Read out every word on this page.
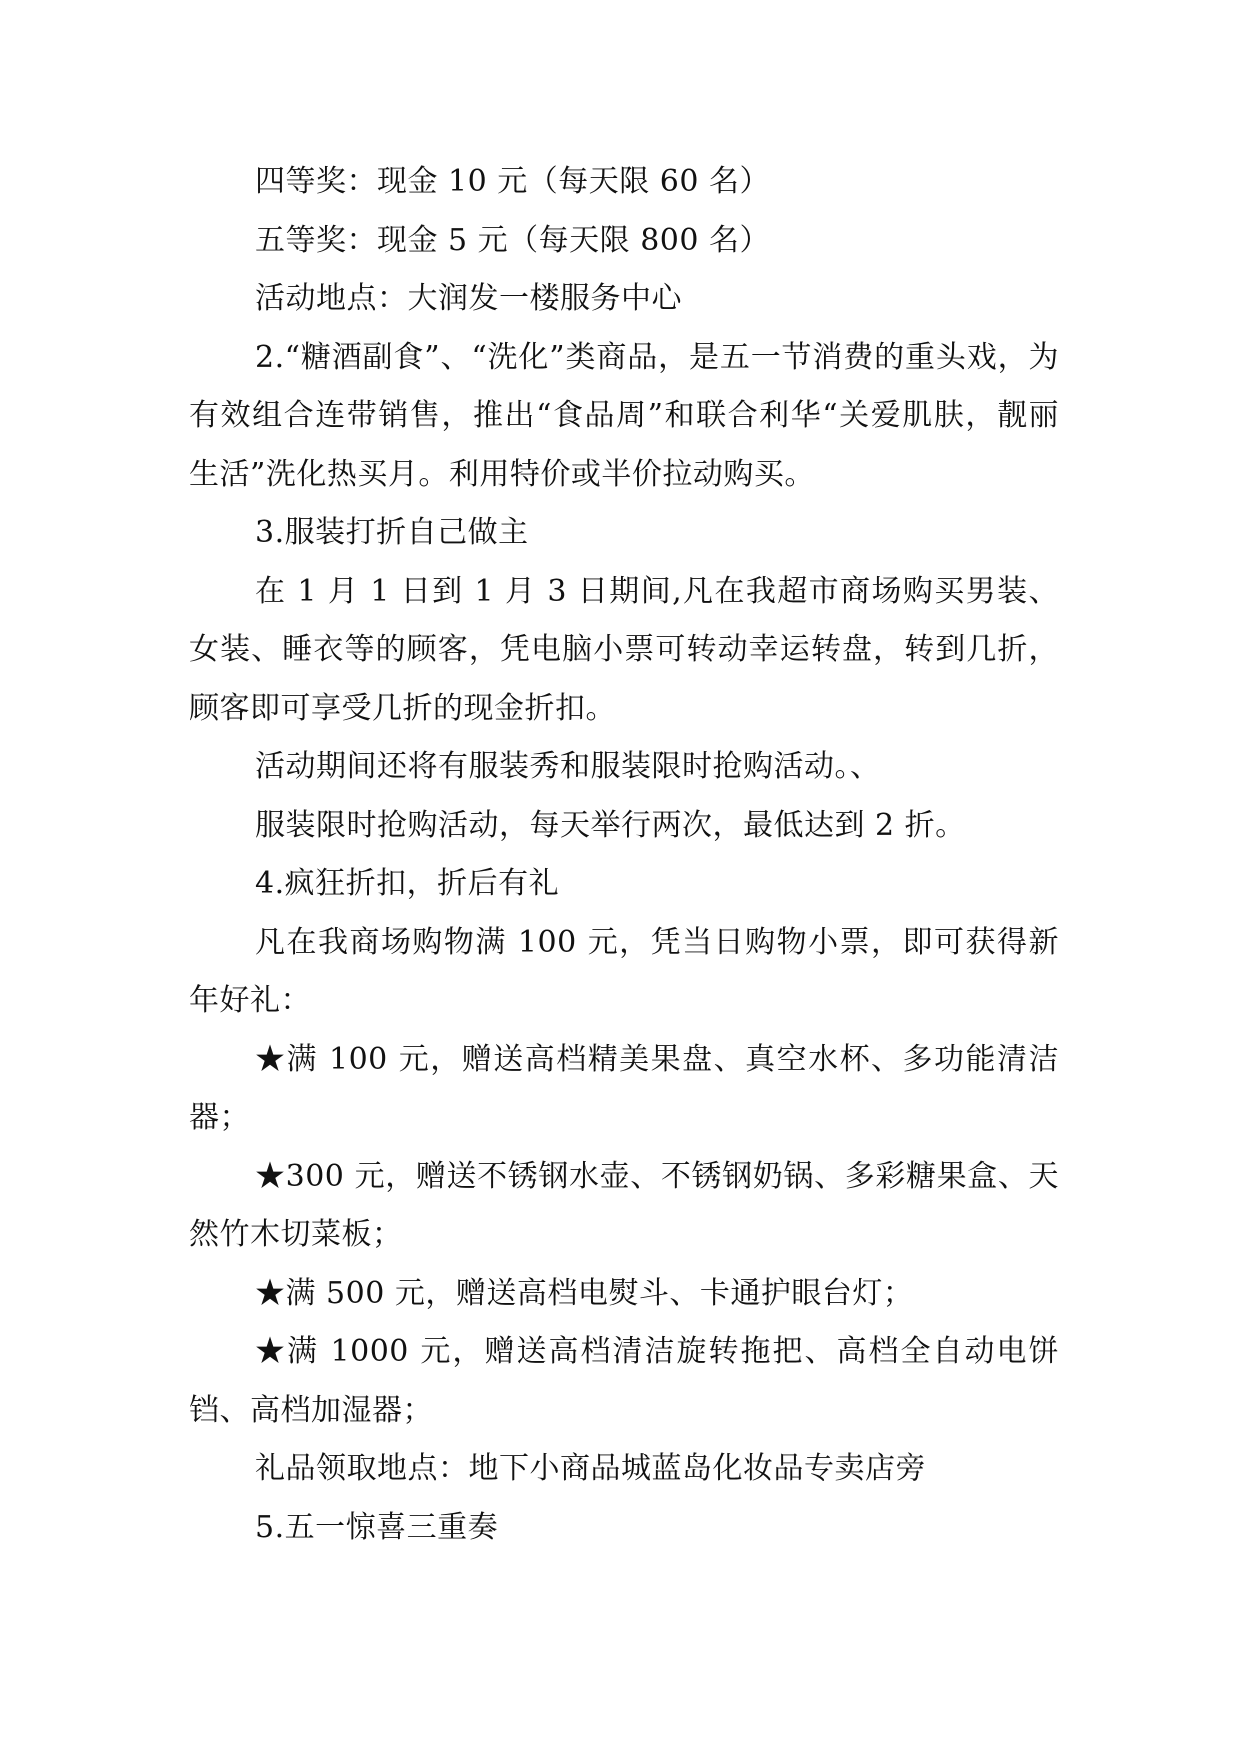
四等奖：现金 10 元（每天限 60 名）

五等奖：现金 5 元（每天限 800 名）

活动地点：大润发一楼服务中心

2.“糖酒副食”、“洗化”类商品，是五一节消费的重头戏，为有效组合连带销售，推出“食品周”和联合利华“关爱肌肤，靓丽生活”洗化热买月。利用特价或半价拉动购买。

3.服装打折自己做主

在 1 月 1 日到 1 月 3 日期间,凡在我超市商场购买男装、女装、睡衣等的顾客，凭电脑小票可转动幸运转盘，转到几折，顾客即可享受几折的现金折扣。

活动期间还将有服装秀和服装限时抢购活动。、

服装限时抢购活动，每天举行两次，最低达到 2 折。

4.疯狂折扣，折后有礼

凡在我商场购物满 100 元，凭当日购物小票，即可获得新年好礼：

★满 100 元，赠送高档精美果盘、真空水杯、多功能清洁器；

★300 元，赠送不锈钢水壶、不锈钢奶锅、多彩糖果盒、天然竹木切菜板；

★满 500 元，赠送高档电熨斗、卡通护眼台灯；

★满 1000 元，赠送高档清洁旋转拖把、高档全自动电饼铛、高档加湿器；

礼品领取地点：地下小商品城蓝岛化妆品专卖店旁

5.五一惊喜三重奏
